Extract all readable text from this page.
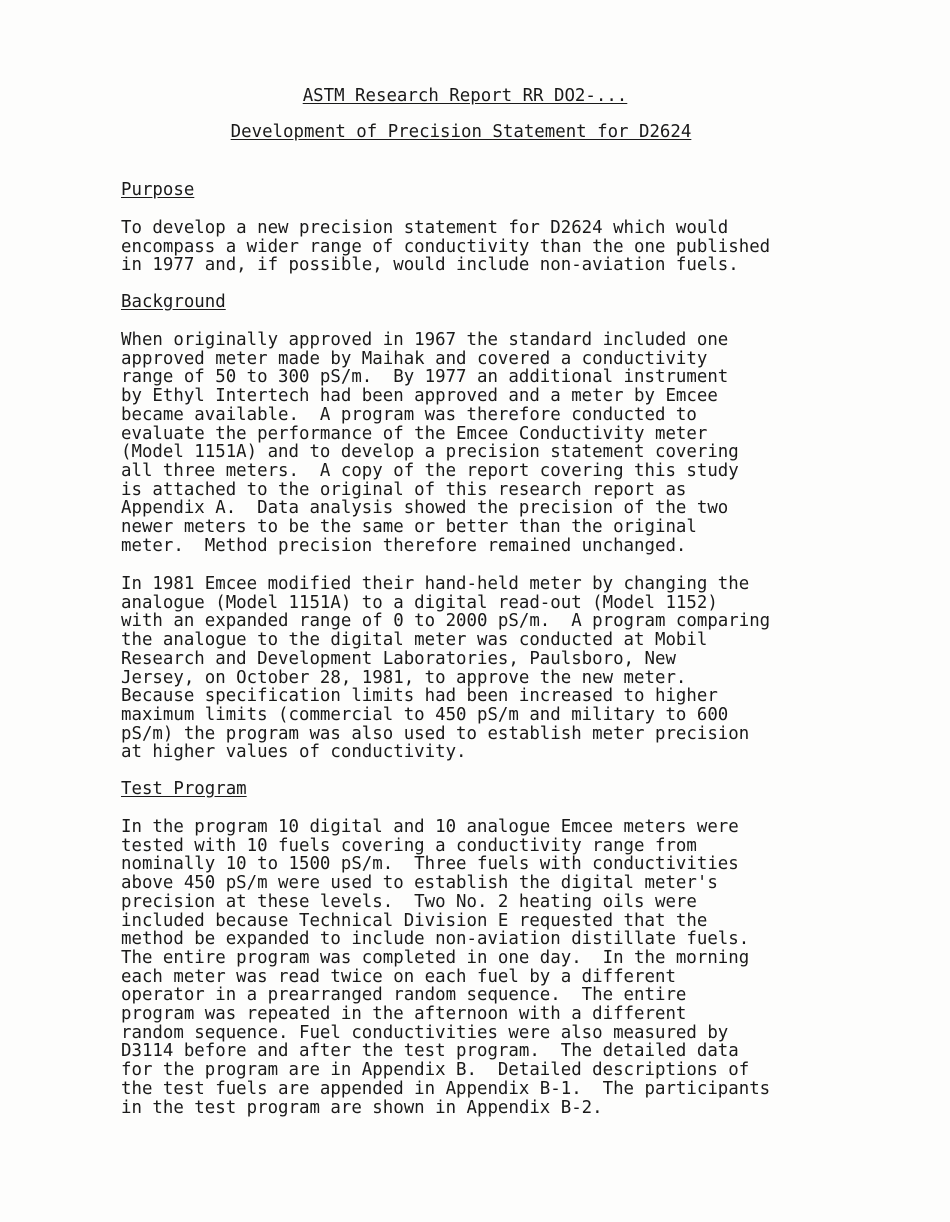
ASTM Research Report RR DO2-...
Development of Precision Statement for D2624
Purpose
To develop a new precision statement for D2624 which would
encompass a wider range of conductivity than the one published
in 1977 and, if possible, would include non-aviation fuels.
Background
When originally approved in 1967 the standard included one
approved meter made by Maihak and covered a conductivity
range of 50 to 300 pS/m.  By 1977 an additional instrument
by Ethyl Intertech had been approved and a meter by Emcee
became available.  A program was therefore conducted to
evaluate the performance of the Emcee Conductivity meter
(Model 1151A) and to develop a precision statement covering
all three meters.  A copy of the report covering this study
is attached to the original of this research report as
Appendix A.  Data analysis showed the precision of the two
newer meters to be the same or better than the original
meter.  Method precision therefore remained unchanged.
In 1981 Emcee modified their hand-held meter by changing the
analogue (Model 1151A) to a digital read-out (Model 1152)
with an expanded range of 0 to 2000 pS/m.  A program comparing
the analogue to the digital meter was conducted at Mobil
Research and Development Laboratories, Paulsboro, New
Jersey, on October 28, 1981, to approve the new meter.
Because specification limits had been increased to higher
maximum limits (commercial to 450 pS/m and military to 600
pS/m) the program was also used to establish meter precision
at higher values of conductivity.
Test Program
In the program 10 digital and 10 analogue Emcee meters were
tested with 10 fuels covering a conductivity range from
nominally 10 to 1500 pS/m.  Three fuels with conductivities
above 450 pS/m were used to establish the digital meter's
precision at these levels.  Two No. 2 heating oils were
included because Technical Division E requested that the
method be expanded to include non-aviation distillate fuels.
The entire program was completed in one day.  In the morning
each meter was read twice on each fuel by a different
operator in a prearranged random sequence.  The entire
program was repeated in the afternoon with a different
random sequence. Fuel conductivities were also measured by
D3114 before and after the test program.  The detailed data
for the program are in Appendix B.  Detailed descriptions of
the test fuels are appended in Appendix B-1.  The participants
in the test program are shown in Appendix B-2.
